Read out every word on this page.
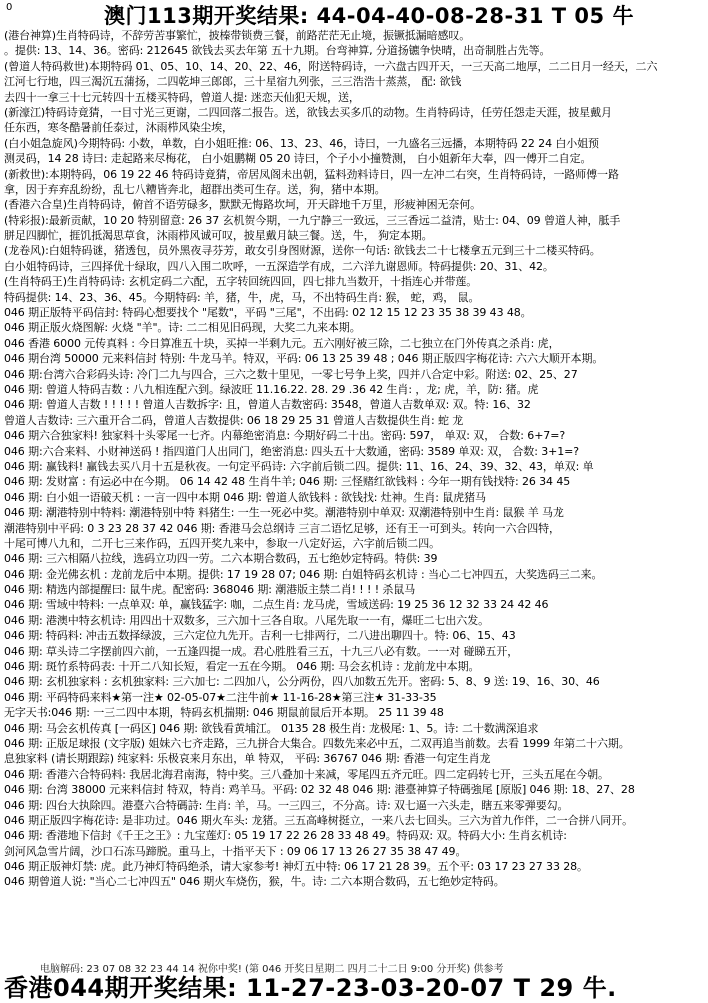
0	澳门113期开奖结果: 44-04-40-08-28-31 T 05 牛
(港台神算)生肖特码诗，不辞劳苦事繁忙，披榛带锁费三餐，前路茫茫无止境，振镢抵漏暗感叹。
。提供: 13、14、36。密码: 212645 欲钱去买去年第 五十九期。台弯神算, 分道扬镳争快晴，出奇制胜占先等。
(曾道人特码救世)本期特码 01、05、10、14、20、22、46，附送特码诗，一六盘古四开天，一三天高二地厚，二二日月一经天，二六
江河七行地，四三渴沉五蒲扬，二四乾坤三郎郎，三十星宿九列张，三三浩浩十蒸蒸， 配: 欲钱
去四十一拿三十七元转四十五楼买特码，曾道人提: 迷恋天仙犯天规，送，
(新濠江)特码诗竟猜，一目寸光三更谢，二四回落二报告。送，欲钱去买多爪的动物。生肖特码诗，任劳任怨走天涯，披星戴月
任东西，寒冬酷暑前任泰过，沐雨栉风染尘埃，
(白小姐急旋风)今期特码: 小数，单数，白小姐旺推: 06、13、23、46，诗曰，一九盛名三远播，本期特码 22 24 白小姐预
测灵码，14 28 诗曰: 走起路来尽梅花， 白小姐鹏糊 05 20 诗曰，个子小小撞赞测， 白小姐新年大奉，四一傅开二自定。
(新救世):本期特码，06 19 22 46 特码诗竟猜，帝居凤阁未出朝，猛料劲料诗日，四一左冲二右突，生肖特码诗，一路师傅一路
拿，因于弃弃乱纷纷，乱七八糟皆奔北，超群出类可生存。送，狗，猪中本期。
(香港六合皇)生肖特码诗，俯首不语劳碌多，默默无悔路坎坷，开天辟地千万里，形疲神困无奈何。
(特彩报):最新贡献，10 20 特别留意: 26 37 玄机贺今期，一九宁静三一致远，三三香远二益清，贴士: 04、09 曾道人神，胝手
胼足四脚忙，捱饥抵渴思草食，沐雨栉风诚可叹，披星戴月缺三餐。送，牛， 狗定本期。
(龙卷风):白姐特码谜，猪透包，员外黑夜寻芬芳，敢女引身图财源，送你一句话: 欲钱去二十七楼拿五元到三十二楼买特码。
白小姐特码诗，三四择优十绿取，四八入围二吹呼，一五深造学有成，二六洋九谢恩师。特码提供: 20、31、42。
(生肖特码王)生肖特码诗: 玄机定码二六配，五字转回统四回，四七排九当数开，十指连心并带莲。
特码提供: 14、23、36、45。今期特码: 羊，猪，牛，虎，马，不出特码生肖: 猴， 蛇，鸡， 鼠。
046 期正版特平码信封: 特码心想要找个 "尾数"，平码 "三尾"，不出码: 02 12 15 12 23 35 38 39 43 48。
046 期正版火烧图解: 火烧 "羊"。诗: 二二相见旧码现，大奖二九来本期。
046 香港 6000 元传真料 : 今日算准五十块，买掉一半剩九元。五六刚好被三除，二七独立在门外传真之杀肖: 虎，
046 期台湾 50000 元来料信封 特别: 牛龙马羊。特双，平码: 06 13 25 39 48 ; 046 期正版四字梅花诗: 六六大顺开本期。
046 期:台湾六合彩码头诗: 冷门二九与四合，三六之数十里见，一零七号争上奖，四并八合定中彩。附送: 02、25、27
046 期: 曾道人特码吉数 : 八九相连配六到。绿波旺 11.16.22. 28. 29 .36 42 生肖: ，龙; 虎，羊，防: 猪。虎
046 期: 曾道人吉数 ! ! ! ! ! 曾道人吉数拆字: 且，曾道人吉数密码: 3548，曾道人吉数单双: 双。特: 16、32
曾道人吉数诗: 三六重开合二码，曾道人吉数提供: 06 18 29 25 31 曾道人吉数提供生肖: 蛇 龙
046 期六合独家料! 独家料十头零尾一七齐。内幕绝密消息: 今期好码二十出。密码: 597， 单双: 双， 合数: 6+7=?
046 期:六合来料、小财神送码 ! 指四道门人出同门，绝密消息: 四头五十大数通，密码: 3589 单双: 双， 合数: 3+1=?
046 期: 赢钱料! 赢钱去买八月十五是秋夜。一句定平码诗: 六字前后锁二四。提供: 11、16、24、39、32、43，单双: 单
046 期: 发财富 : 有运必中在今期。 06 14 42 48 生肖牛羊; 046 期: 三怪赌红欲钱料 : 今年一期有钱找特: 26 34 45
046 期: 白小姐一语破天机 : 一言一四中本期 046 期: 曾道人欲钱料 : 欲钱找: 灶神。生肖: 鼠虎猪马
046 期: 潮港特别中特料: 潮港特别中特 料猪生: 一生一死必中奖。潮港特别中单双: 双潮港特别中生肖: 鼠猴 羊 马龙
潮港特别中平码: 0 3 23 28 37 42 046 期: 香港马会总纲诗 三言二语忆足够，还有王一可到头。转向一六合四特，
十尾可博八九和，二开七三来作码，五四开奖九来中，参取一八定好运，六字前后锁二四。
046 期: 三六相隔八拉线，选码立功四一劳。二六本期合数码，五七绝妙定特码。特供: 39
046 期: 金光佛玄机 : 龙前龙后中本期。提供: 17 19 28 07; 046 期: 白姐特码玄机诗 : 当心二七冲四五，大奖选码三二来。
046 期: 精选内部提醒曰: 鼠牛虎。配密码: 368046 期: 潮港版主禁二肖! ! ! ! 杀鼠马
046 期: 雪域中特料: 一点单双: 单，赢钱猛字: 咖，二点生肖: 龙马虎，雪域送码: 19 25 36 12 32 33 24 42 46
046 期: 港澳中特玄机诗: 用四出十双数多，三六加十三各自取。八尾先取一一有，爆旺二七出六发。
046 期: 特码料: 冲击五数择绿波，三六定位九先开。吉利一七排两行，二八进出聊四十。特: 06、15、43
046 期: 草头诗二字摆前四六前，一五逢四提一成。君心胜胜看三五，十九三八必有数。一一对 碰睇五开，
046 期: 斑竹系特码表: 十开二八知长短，看定一五在今期。 046 期: 马会玄机诗 : 龙前龙中本期。
046 期: 玄机独家料 : 玄机独家料: 三六加七: 二四加八，公分两份，四八加数五先开。密码: 5、8、9 送: 19、16、30、46
046 期: 平码特码来料★第一注★ 02-05-07★二注牛前★ 11-16-28★第三注★ 31-33-35
无字天书:046 期: 一三二四中本期，特码玄机揣期: 046 期鼠前鼠后开本期。 25 11 39 48
046 期: 马会玄机传真 [一码区] 046 期: 欲钱看黄埔江。 0135 28 极生肖: 龙极尾: 1、5。诗: 二十数满深追求
046 期: 正版足球报 (文字版) 姐妹六七齐走路，三九拼合大集合。四数先来必中五，二双再追当前数。去看 1999 年第二十六期。
息独家料 (请长期跟踪) 纯家料: 乐极哀来月东出，单 特双， 平码: 36767 046 期: 香港一句定生肖龙
046 期: 香港六合特码料: 我居北海君南海，特中奖。三八叠加十来减，零尾四五齐元旺。四二定码转七开，三头五尾在今朝。
046 期: 台湾 38000 元来料信封 特双，特肖: 鸡羊马。平码: 02 32 48 046 期: 港臺神算子特碼強尾 [原版] 046 期: 18、27、28
046 期: 四台大执除四。港臺六合特碼詩: 生肖: 羊，马。一三四三，不分高。诗: 双七逼一六头走，瞎五来零弾要勾。
046 期正版四字梅花诗: 是非功过。046 期火车头: 龙猪。三五高峰树挺立，一来八去七回头。三六为首九作伴，二一合拼八同开。
046 期: 香港地下信封《千王之王》: 九宝莲灯: 05 19 17 22 26 28 33 48 49。特码双: 双。特码大小: 生肖玄机诗:
剑河风急雪片阔，沙口石冻马蹄脱。重马上，十指平天下 : 09 06 17 13 26 27 35 38 47 49。
046 期正版神灯禁: 虎。此乃神灯特码绝杀，请大家参考! 神灯五中特: 06 17 21 28 39。五个平: 03 17 23 27 33 28。
046 期曾道人说: "当心二七冲四五" 046 期火车烧伤，猴，牛。诗: 二六本期合数码，五七绝妙定特码。
电脑解码: 23 07 08 32 23 44 14 祝你中奖! (第 046 开奖日星期二 四月二十二日 9:00 分开奖) 供参考
香港044期开奖结果: 11-27-23-03-20-07 T 29 牛.
